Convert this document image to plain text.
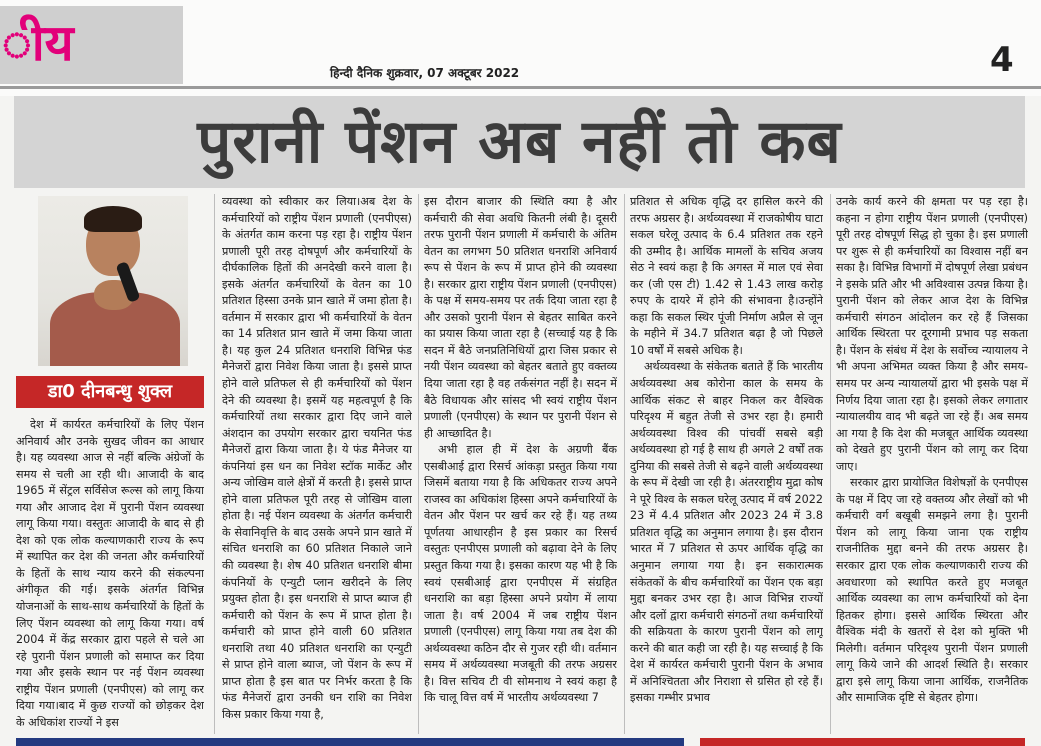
ीय
हिन्दी दैनिक शुक्रवार, 07 अक्टूबर 2022	4
पुरानी पेंशन अब नहीं तो कब
डा0 दीनबन्धु शुक्ल

देश में कार्यरत कर्मचारियों के लिए पेंशन अनिवार्य और उनके सुखद जीवन का आधार है। यह व्यवस्था आज से नहीं बल्कि अंग्रेजों के समय से चली आ रही थी। आजादी के बाद 1965 में सेंट्रल सर्विसेज रूल्स को लागू किया गया और आजाद देश में पुरानी पेंशन व्यवस्था लागू किया गया। वस्तुतः आजादी के बाद से ही देश को एक लोक कल्याणकारी राज्य के रूप में स्थापित कर देश की जनता और कर्मचारियों के हितों के साथ न्याय करने की संकल्पना अंगीकृत की गई। इसके अंतर्गत विभिन्न योजनाओं के साथ-साथ कर्मचारियों के हितों के लिए पेंशन व्यवस्था को लागू किया गया। वर्ष 2004 में केंद्र सरकार द्वारा पहले से चले आ रहे पुरानी पेंशन प्रणाली को समाप्त कर दिया गया और इसके स्थान पर नई पेंशन व्यवस्था राष्ट्रीय पेंशन प्रणाली (एनपीएस) को लागू कर दिया गया।बाद में कुछ राज्यों को छोड़कर देश के अधिकांश राज्यों ने इस

व्यवस्था को स्वीकार कर लिया।अब देश के कर्मचारियों को राष्ट्रीय पेंशन प्रणाली (एनपीएस) के अंतर्गत काम करना पड़ रहा है। राष्ट्रीय पेंशन प्रणाली पूरी तरह दोषपूर्ण और कर्मचारियों के दीर्घकालिक हितों की अनदेखी करने वाला है। इसके अंतर्गत कर्मचारियों के वेतन का 10 प्रतिशत हिस्सा उनके प्रान खाते में जमा होता है। वर्तमान में सरकार द्वारा भी कर्मचारियों के वेतन का 14 प्रतिशत प्रान खाते में जमा किया जाता है। यह कुल 24 प्रतिशत धनराशि विभिन्न फंड मैनेजरों द्वारा निवेश किया जाता है। इससे प्राप्त होने वाले प्रतिफल से ही कर्मचारियों को पेंशन देने की व्यवस्था है। इसमें यह महत्वपूर्ण है कि कर्मचारियों तथा सरकार द्वारा दिए जाने वाले अंशदान का उपयोग सरकार द्वारा चयनित फंड मैनेजरों द्वारा किया जाता है। ये फंड मैनेजर या कंपनियां इस धन का निवेश स्टॉक मार्केट और अन्य जोखिम वाले क्षेत्रों में करती है। इससे प्राप्त होने वाला प्रतिफल पूरी तरह से जोखिम वाला होता है। नई पेंशन व्यवस्था के अंतर्गत कर्मचारी के सेवानिवृत्ति के बाद उसके अपने प्रान खाते में संचित धनराशि का 60 प्रतिशत निकाले जाने की व्यवस्था है। शेष 40 प्रतिशत धनराशि बीमा कंपनियों के एन्युटी प्लान खरीदने के लिए प्रयुक्त होता है। इस धनराशि से प्राप्त ब्याज ही कर्मचारी को पेंशन के रूप में प्राप्त होता है। कर्मचारी को प्राप्त होने वाली 60 प्रतिशत धनराशि तथा 40 प्रतिशत धनराशि का एन्युटी से प्राप्त होने वाला ब्याज, जो पेंशन के रूप में प्राप्त होता है इस बात पर निर्भर करता है कि फंड मैनेजरों द्वारा उनकी धन राशि का निवेश किस प्रकार किया गया है,

इस दौरान बाजार की स्थिति क्या है और कर्मचारी की सेवा अवधि कितनी लंबी है। दूसरी तरफ पुरानी पेंशन प्रणाली में कर्मचारी के अंतिम वेतन का लगभग 50 प्रतिशत धनराशि अनिवार्य रूप से पेंशन के रूप में प्राप्त होने की व्यवस्था है। सरकार द्वारा राष्ट्रीय पेंशन प्रणाली (एनपीएस) के पक्ष में समय-समय पर तर्क दिया जाता रहा है और उसको पुरानी पेंशन से बेहतर साबित करने का प्रयास किया जाता रहा है (सच्चाई यह है कि सदन में बैठे जनप्रतिनिधियों द्वारा जिस प्रकार से नयी पेंशन व्यवस्था को बेहतर बताते हुए वक्तव्य दिया जाता रहा है वह तर्कसंगत नहीं है। सदन में बैठे विधायक और सांसद भी स्वयं राष्ट्रीय पेंशन प्रणाली (एनपीएस) के स्थान पर पुरानी पेंशन से ही आच्छादित है।

अभी हाल ही में देश के अग्रणी बैंक एसबीआई द्वारा रिसर्च आंकड़ा प्रस्तुत किया गया जिसमें बताया गया है कि अधिकतर राज्य अपने राजस्व का अधिकांश हिस्सा अपने कर्मचारियों के वेतन और पेंशन पर खर्च कर रहे हैं। यह तथ्य पूर्णतया आधारहीन है इस प्रकार का रिसर्च वस्तुतः एनपीएस प्रणाली को बढ़ावा देने के लिए प्रस्तुत किया गया है। इसका कारण यह भी है कि स्वयं एसबीआई द्वारा एनपीएस में संग्रहित धनराशि का बड़ा हिस्सा अपने प्रयोग में लाया जाता है। वर्ष 2004 में जब राष्ट्रीय पेंशन प्रणाली (एनपीएस) लागू किया गया तब देश की अर्थव्यवस्था कठिन दौर से गुजर रही थी। वर्तमान समय में अर्थव्यवस्था मजबूती की तरफ अग्रसर है। वित्त सचिव टी वी सोमनाथ ने स्वयं कहा है कि चालू वित्त वर्ष में भारतीय अर्थव्यवस्था 7

प्रतिशत से अधिक वृद्धि दर हासिल करने की तरफ अग्रसर है। अर्थव्यवस्था में राजकोषीय घाटा सकल घरेलू उत्पाद के 6.4 प्रतिशत तक रहने की उम्मीद है। आर्थिक मामलों के सचिव अजय सेठ ने स्वयं कहा है कि अगस्त में माल एवं सेवा कर (जी एस टी) 1.42 से 1.43 लाख करोड़ रुपए के दायरे में होने की संभावना है।उन्होंने कहा कि सकल स्थिर पूंजी निर्माण अप्रैल से जून के महीने में 34.7 प्रतिशत बढ़ा है जो पिछले 10 वर्षों में सबसे अधिक है।

अर्थव्यवस्था के संकेतक बताते हैं कि भारतीय अर्थव्यवस्था अब कोरोना काल के समय के आर्थिक संकट से बाहर निकल कर वैश्विक परिदृश्य में बहुत तेजी से उभर रहा है। हमारी अर्थव्यवस्था विश्व की पांचवीं सबसे बड़ी अर्थव्यवस्था हो गई है साथ ही अगले 2 वर्षों तक दुनिया की सबसे तेजी से बढ़ने वाली अर्थव्यवस्था के रूप में देखी जा रही है। अंतरराष्ट्रीय मुद्रा कोष ने पूरे विश्व के सकल घरेलू उत्पाद में वर्ष 2022 23 में 4.4 प्रतिशत और 2023 24 में 3.8 प्रतिशत वृद्धि का अनुमान लगाया है। इस दौरान भारत में 7 प्रतिशत से ऊपर आर्थिक वृद्धि का अनुमान लगाया गया है। इन सकारात्मक संकेतकों के बीच कर्मचारियों का पेंशन एक बड़ा मुद्दा बनकर उभर रहा है। आज विभिन्न राज्यों और दलों द्वारा कर्मचारी संगठनों तथा कर्मचारियों की सक्रियता के कारण पुरानी पेंशन को लागू करने की बात कही जा रही है। यह सच्चाई है कि देश में कार्यरत कर्मचारी पुरानी पेंशन के अभाव में अनिश्चितता और निराशा से ग्रसित हो रहे हैं। इसका गम्भीर प्रभाव

उनके कार्य करने की क्षमता पर पड़ रहा है। कहना न होगा राष्ट्रीय पेंशन प्रणाली (एनपीएस) पूरी तरह दोषपूर्ण सिद्ध हो चुका है। इस प्रणाली पर शुरू से ही कर्मचारियों का विश्वास नहीं बन सका है। विभिन्न विभागों में दोषपूर्ण लेखा प्रबंधन ने इसके प्रति और भी अविश्वास उत्पन्न किया है। पुरानी पेंशन को लेकर आज देश के विभिन्न कर्मचारी संगठन आंदोलन कर रहे हैं जिसका आर्थिक स्थिरता पर दूरगामी प्रभाव पड़ सकता है। पेंशन के संबंध में देश के सर्वोच्च न्यायालय ने भी अपना अभिमत व्यक्त किया है और समय-समय पर अन्य न्यायालयों द्वारा भी इसके पक्ष में निर्णय दिया जाता रहा है। इसको लेकर लगातार न्यायालयीय वाद भी बढ़ते जा रहे हैं। अब समय आ गया है कि देश की मजबूत आर्थिक व्यवस्था को देखते हुए पुरानी पेंशन को लागू कर दिया जाए।

सरकार द्वारा प्रायोजित विशेषज्ञों के एनपीएस के पक्ष में दिए जा रहे वक्तव्य और लेखों को भी कर्मचारी वर्ग बखूबी समझने लगा है। पुरानी पेंशन को लागू किया जाना एक राष्ट्रीय राजनीतिक मुद्दा बनने की तरफ अग्रसर है। सरकार द्वारा एक लोक कल्याणकारी राज्य की अवधारणा को स्थापित करते हुए मजबूत आर्थिक व्यवस्था का लाभ कर्मचारियों को देना हितकर होगा। इससे आर्थिक स्थिरता और वैश्विक मंदी के खतरों से देश को मुक्ति भी मिलेगी। वर्तमान परिदृश्य पुरानी पेंशन प्रणाली लागू किये जाने की आदर्श स्थिति है। सरकार द्वारा इसे लागू किया जाना आर्थिक, राजनैतिक और सामाजिक दृष्टि से बेहतर होगा।
